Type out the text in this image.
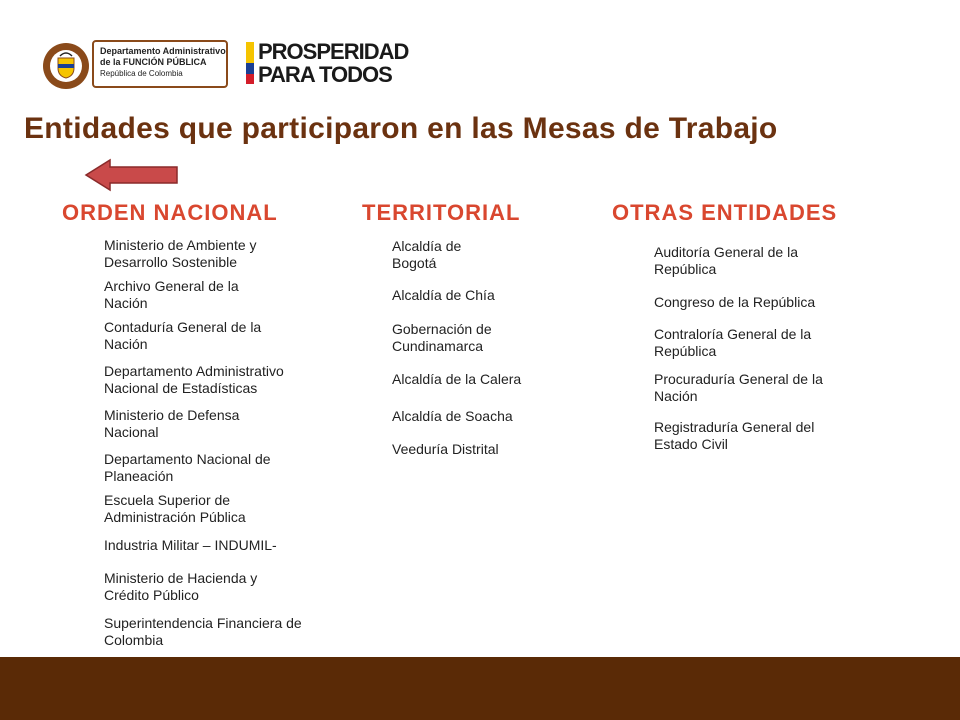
Departamento Administrativo
de la FUNCIÓN PÚBLICA
República de Colombia
PROSPERIDAD
PARA TODOS
Entidades que participaron en las Mesas de Trabajo
ORDEN NACIONAL	TERRITORIAL	OTRAS ENTIDADES
Ministerio de Ambiente y Desarrollo Sostenible
Archivo General de la Nación
Contaduría General de la Nación
Departamento Administrativo Nacional de Estadísticas
Ministerio de Defensa Nacional
Departamento Nacional de Planeación
Escuela Superior de Administración Pública
Industria Militar – INDUMIL-
Ministerio de Hacienda y Crédito Público
Superintendencia Financiera de Colombia
Alcaldía de Bogotá
Alcaldía de Chía
Gobernación de Cundinamarca
Alcaldía de la Calera
Alcaldía de Soacha
Veeduría Distrital
Auditoría General de la República
Congreso de la República
Contraloría General de la República
Procuraduría General de la Nación
Registraduría General del Estado Civil
